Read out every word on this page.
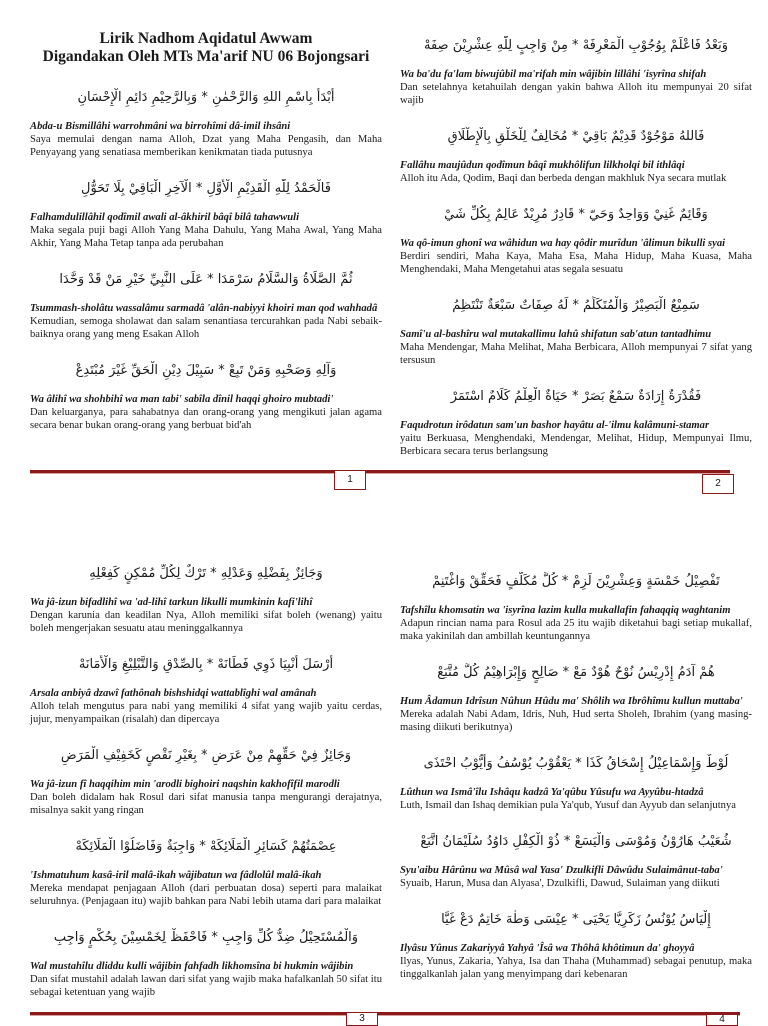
Lirik Nadhom Aqidatul Awwam

Digandakan Oleh MTs Ma'arif NU 06 Bojongsari

أَبْدَأُ بِاسْمِ اللهِ وَالرَّحْمٰنِ * وَبِالرَّحِيْمِ دَائِمِ الْإِحْسَانِ
Abda-u Bismillâhi warrohmâni wa birrohîmi dâ-imil ihsâni
Saya memulai dengan nama Alloh, Dzat yang Maha Pengasih, dan Maha Penyayang yang senatiasa memberikan kenikmatan tiada putusnya
فَالْحَمْدُ لِلّٰهِ الْقَدِيْمِ الْأَوَّلِ * الْآخِرِ الْبَاقِيْ بِلَا تَحَوُّلِ
Falhamdulillâhil qodîmil awali al-âkhiril bâqî bilâ tahawwuli
Maka segala puji bagi Alloh Yang Maha Dahulu, Yang Maha Awal, Yang Maha Akhir, Yang Maha Tetap tanpa ada perubahan
ثُمَّ الصَّلَاةُ وَالسَّلَامُ سَرْمَدَا * عَلَى النَّبِيِّ خَيْرِ مَنْ قَدْ وَحَّدَا
Tsummash-sholâtu wassalâmu sarmadâ 'alân-nabiyyi khoiri man qod wahhadâ
Kemudian, semoga sholawat dan salam senantiasa tercurahkan pada Nabi sebaik-baiknya orang yang meng Esakan Alloh
وَآلِهِ وَصَحْبِهِ وَمَنْ تَبِعْ * سَبِيْلَ دِيْنِ الْحَقِّ غَيْرَ مُبْتَدِعْ
Wa âlihî wa shohbihî wa man tabi' sabîla dînil haqqi ghoiro mubtadi'
Dan keluarganya, para sahabatnya dan orang-orang yang mengikuti jalan agama secara benar bukan orang-orang yang berbuat bid'ah
وَبَعْدُ فَاعْلَمْ بِوُجُوْبِ الْمَعْرِفَهْ * مِنْ وَاجِبٍ لِلّٰهِ عِشْرِيْنَ صِفَهْ
Wa ba'du fa'lam biwujûbil ma'rifah min wâjibin lillâhi 'isyrîna shifah
Dan setelahnya ketahuilah dengan yakin bahwa Alloh itu mempunyai 20 sifat wajib
فَاللهُ مَوْجُوْدٌ قَدِيْمٌ بَاقِيْ * مُخَالِفٌ لِلْخَلْقِ بِالْإِطْلَاقِ
Fallâhu maujûdun qodîmun bâqî mukhôlifun lilkholqi bil ithlâqi
Alloh itu Ada, Qodim, Baqi dan berbeda dengan makhluk Nya secara mutlak
وَقَائِمٌ غَنِيْ وَوَاحِدٌ وَحَيّ * قَادِرٌ مُرِيْدٌ عَالِمٌ بِكُلِّ شَيْ
Wa qô-imun ghonî wa wâhidun wa hay qôdir murîdun 'âlimun bikulli syai
Berdiri sendiri, Maha Kaya, Maha Esa, Maha Hidup, Maha Kuasa, Maha Menghendaki, Maha Mengetahui atas segala sesuatu
سَمِيْعٌ الْبَصِيْرُ وَالْمُتَكَلِّمُ * لَهُ صِفَاتٌ سَبْعَةٌ تَنْتَظِمُ
Samî'u al-bashîru wal mutakallimu lahû shifatun sab'atun tantadhimu
Maha Mendengar, Maha Melihat, Maha Berbicara, Alloh mempunyai 7 sifat yang tersusun
فَقُدْرَةٌ إِرَادَةٌ سَمْعٌ بَصَرْ * حَيَاةٌ الْعِلْمُ كَلَامٌ اسْتَمَرْ
Faqudrotun irôdatun sam'un bashor hayâtu al-'ilmu kalâmuni-stamar
yaitu Berkuasa, Menghendaki, Mendengar, Melihat, Hidup, Mempunyai Ilmu, Berbicara secara terus berlangsung
1	2
وَجَائِزٌ بِفَضْلِهِ وَعَدْلِهِ * تَرْكٌ لِكُلِّ مُمْكِنٍ كَفِعْلِهِ
Wa jâ-izun bifadlihî wa 'ad-lihî tarkun likulli mumkinin kafi'lihî
Dengan karunia dan keadilan Nya, Alloh memiliki sifat boleh (wenang) yaitu boleh mengerjakan sesuatu atau meninggalkannya
أَرْسَلَ أَنْبِيَا ذَوِي فَطَانَهْ * بِالصِّدْقِ وَالتَّبْلِيْغِ وَالْأَمَانَهْ
Arsala anbiyâ dzawî fathônah bishshidqi wattablîghi wal amânah
Alloh telah mengutus para nabi yang memiliki 4 sifat yang wajib yaitu cerdas, jujur, menyampaikan (risalah) dan dipercaya
وَجَائِزٌ فِيْ حَقِّهِمْ مِنْ عَرَضِ * بِغَيْرِ نَقْصٍ كَخَفِيْفِ الْمَرَضِ
Wa jâ-izun fî haqqihim min 'arodli bighoiri naqshin kakhofîfil marodli
Dan boleh didalam hak Rosul dari sifat manusia tanpa mengurangi derajatnya, misalnya sakit yang ringan
عِصْمَتُهُمْ كَسَائِرِ الْمَلَائِكَهْ * وَاجِبَةٌ وَفَاضَلُوْا الْمَلَائِكَهْ
'Ishmatuhum kasâ-iril malâ-ikah wâjibatun wa fâdlolûl malâ-ikah
Mereka mendapat penjagaan Alloh (dari perbuatan dosa) seperti para malaikat seluruhnya. (Penjagaan itu) wajib bahkan para Nabi lebih utama dari para malaikat
وَالْمُسْتَحِيْلُ ضِدُّ كُلِّ وَاجِبِ * فَاحْفَظْ لِخَمْسِيْنَ بِحُكْمٍ وَاجِبِ
Wal mustahîlu dliddu kulli wâjibin fahfadh likhomsîna bi hukmin wâjibin
Dan sifat mustahil adalah lawan dari sifat yang wajib maka hafalkanlah 50 sifat itu sebagai ketentuan yang wajib
تَفْصِيْلُ خَمْسَةٍ وَعِشْرِيْنَ لَزِمْ * كُلَّ مُكَلَّفٍ فَحَقِّقْ وَاغْتَنِمْ
Tafshîlu khomsatin wa 'isyrîna lazim kulla mukallafin fahaqqiq waghtanim
Adapun rincian nama para Rosul ada 25 itu wajib diketahui bagi setiap mukallaf, maka yakinilah dan ambillah keuntungannya
هُمْ آدَمُ إِدْرِيْسُ نُوْحٌ هُوْدٌ مَعْ * صَالِحٍ وَإِبْرَاهِيْمُ كُلٌّ مُتَّبَعْ
Hum Âdamun Idrîsun Nûhun Hûdu ma' Shôlih wa Ibrôhîmu kullun muttaba'
Mereka adalah Nabi Adam, Idris, Nuh, Hud serta Sholeh, Ibrahim (yang masing-masing diikuti berikutnya)
لُوْطٌ وَإِسْمَاعِيْلُ إِسْحَاقُ كَذَا * يَعْقُوْبُ يُوْسُفُ وَأَيُّوْبُ احْتَذَى
Lûthun wa Ismâ'îlu Ishâqu kadzâ Ya'qûbu Yûsufu wa Ayyûbu-htadzâ
Luth, Ismail dan Ishaq demikian pula Ya'qub, Yusuf dan Ayyub dan selanjutnya
شُعَيْبُ هَارُوْنُ وَمُوْسَى وَالْيَسَعْ * ذُوْ الْكِفْلِ دَاوُدُ سُلَيْمَانُ اتَّبَعْ
Syu'aibu Hârûnu wa Mûsâ wal Yasa' Dzulkifli Dâwûdu Sulaimânut-taba'
Syuaib, Harun, Musa dan Alyasa', Dzulkifli, Dawud, Sulaiman yang diikuti
إِلْيَاسُ يُوْنُسُ زَكَرِيَّا يَحْيَى * عِيْسَى وَطٰهَ خَاتِمٌ دَعْ غَيَّا
Ilyâsu Yûnus Zakariyyâ Yahyâ 'Îsâ wa Thôhâ khôtimun da' ghoyyâ
Ilyas, Yunus, Zakaria, Yahya, Isa dan Thaha (Muhammad) sebagai penutup, maka tinggalkanlah jalan yang menyimpang dari kebenaran
3	4
